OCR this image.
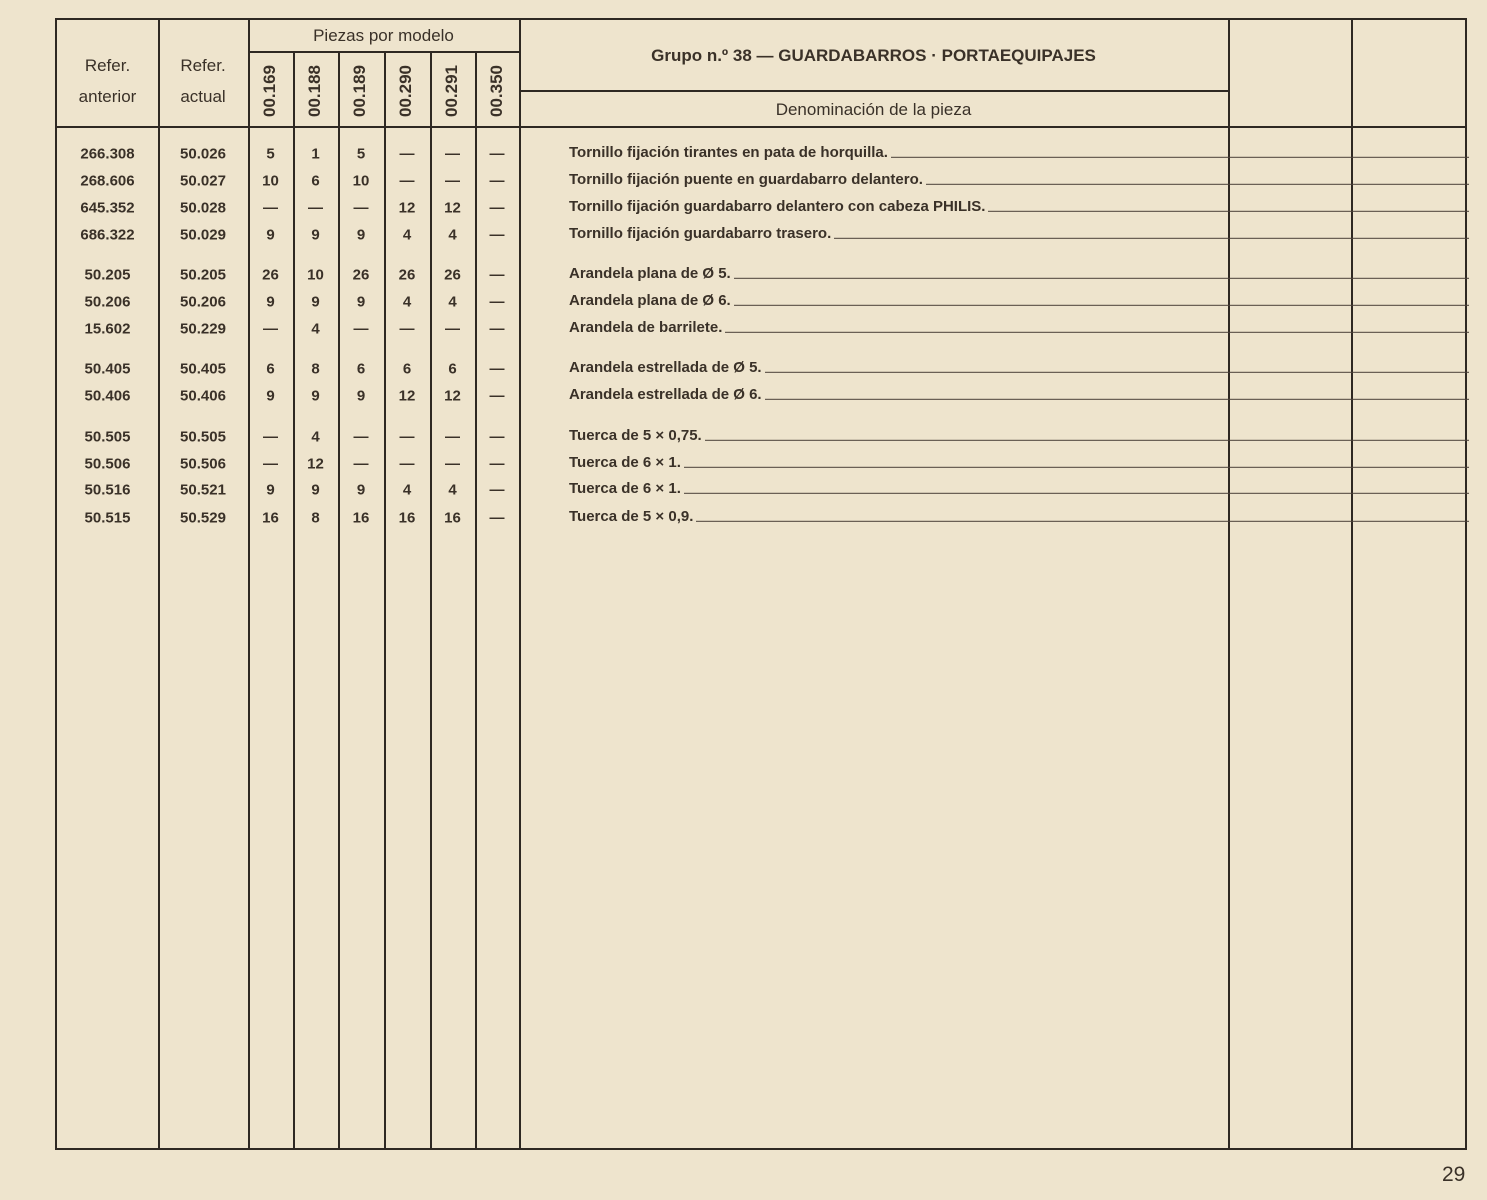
Refer. anterior
Refer. actual
Piezas por modelo
Grupo n.º 38 — GUARDABARROS · PORTAEQUIPAJES
Denominación de la pieza
00.169 00.188 00.189 00.290 00.291 00.350
266.308	50.026	5	1	5	—	—	—	Tornillo fijación tirantes en pata de horquilla.
268.606	50.027	10	6	10	—	—	—	Tornillo fijación puente en guardabarro delantero.
645.352	50.028	—	—	—	12	12	—	Tornillo fijación guardabarro delantero con cabeza PHILIS.
686.322	50.029	9	9	9	4	4	—	Tornillo fijación guardabarro trasero.
50.205	50.205	26	10	26	26	26	—	Arandela plana de Ø 5.
50.206	50.206	9	9	9	4	4	—	Arandela plana de Ø 6.
15.602	50.229	—	4	—	—	—	—	Arandela de barrilete.
50.405	50.405	6	8	6	6	6	—	Arandela estrellada de Ø 5.
50.406	50.406	9	9	9	12	12	—	Arandela estrellada de Ø 6.
50.505	50.505	—	4	—	—	—	—	Tuerca de 5 × 0,75.
50.506	50.506	—	12	—	—	—	—	Tuerca de 6 × 1.
50.516	50.521	9	9	9	4	4	—	Tuerca de 6 × 1.
50.515	50.529	16	8	16	16	16	—	Tuerca de 5 × 0,9.
29
